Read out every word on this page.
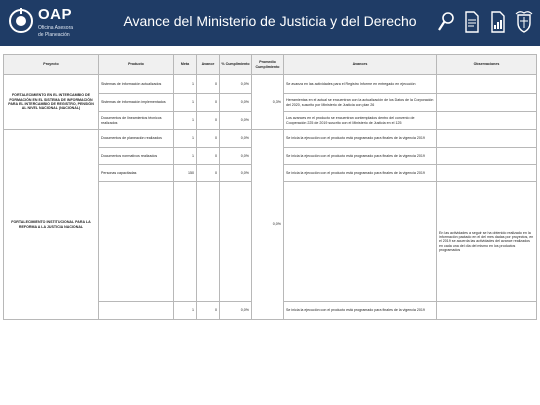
OAP
Oficina Asesora
de Planeación
Avance del Ministerio de Justicia y del Derecho
Proyecto	Producto	Meta	Avance	% Cumplimiento	Promedio Cumplimiento	Avances	Observaciones
FORTALECIMIENTO EN EL INTERCAMBIO DE FORMACIÓN EN EL SISTEMA DE INFORMACIÓN PARA EL INTERCAMBIO DE REGISTRO, PENSIÓN AL NIVEL NACIONAL (NACIONAL)	Sistemas de información actualizados	1	0	0,0%	0,3%	Se avanza en las actividades para el Registro Informe en entregado en ejecución	
	Sistemas de información implementados	1	0	0,0%		Herramientas en el actual se encuentran con la actualización de los Datos de la Corporación del 2020, suscrito por Ministerio de Justicia con plan 26	
	Documentos de lineamientos técnicos realizados	1	0	0,0%		Los avances en el producto se encuentran contemplados dentro del convenio de Cooperación 225 de 2019 suscrito con el Ministerio de Justicia en el 125	
FORTALECIMIENTO INSTITUCIONAL PARA LA REFORMA A LA JUSTICIA NACIONAL	Documentos de planeación realizados	1	0	0,0%	0,0%	Se inicia la ejecución con el producto está programado para finales de la vigencia 2019	
	Documentos normativos realizados	1	0	0,0%		Se inicia la ejecución con el producto está programado para finales de la vigencia 2019	
	Personas capacitadas	150	0	0,0%		Se inicia la ejecución con el producto está programado para finales de la vigencia 2019	
							En las actividades a seguir se ha obtenido realizado en la información pactado en el del mes dadas por proyectos, en el 2019 se acuerda las actividades del avance realizados en cada una del día del mismo en los productos programados
		1	0	0,0%		Se inicia la ejecución con el producto está programado para finales de la vigencia 2019	
